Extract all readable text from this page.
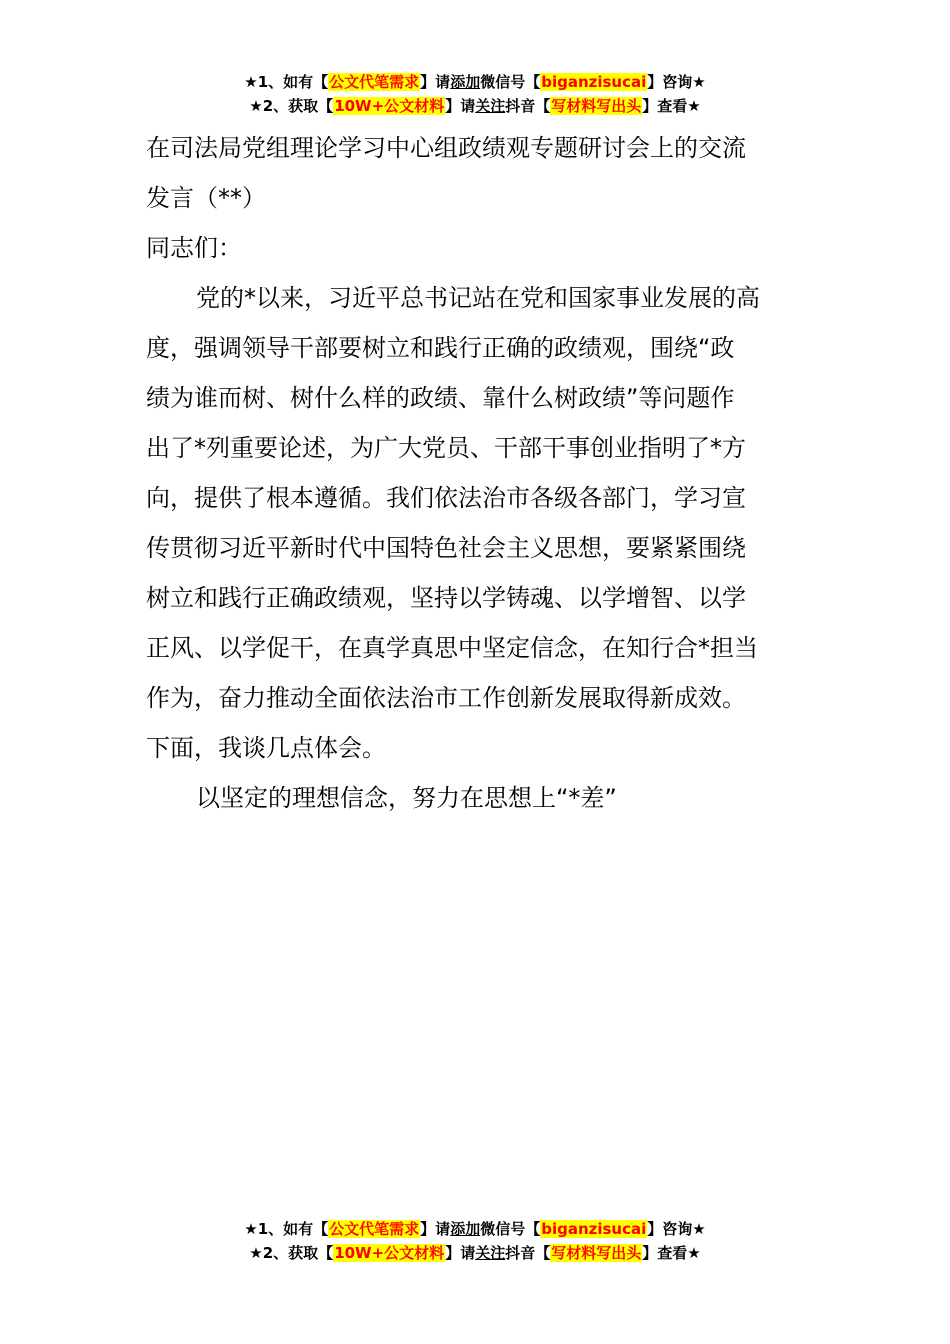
★1、如有【公文代笔需求】请添加微信号【biganzisucai】咨询★
★2、获取【10W+公文材料】请关注抖音【写材料写出头】查看★

在司法局党组理论学习中心组政绩观专题研讨会上的交流

发言（**）

同志们：

党的*以来，习近平总书记站在党和国家事业发展的高

度，强调领导干部要树立和践行正确的政绩观，围绕“政

绩为谁而树、树什么样的政绩、靠什么树政绩”等问题作

出了*列重要论述，为广大党员、干部干事创业指明了*方

向，提供了根本遵循。我们依法治市各级各部门，学习宣

传贯彻习近平新时代中国特色社会主义思想，要紧紧围绕

树立和践行正确政绩观，坚持以学铸魂、以学增智、以学

正风、以学促干，在真学真思中坚定信念，在知行合*担当

作为，奋力推动全面依法治市工作创新发展取得新成效。

下面，我谈几点体会。

以坚定的理想信念，努力在思想上“*差”

★1、如有【公文代笔需求】请添加微信号【biganzisucai】咨询★
★2、获取【10W+公文材料】请关注抖音【写材料写出头】查看★
